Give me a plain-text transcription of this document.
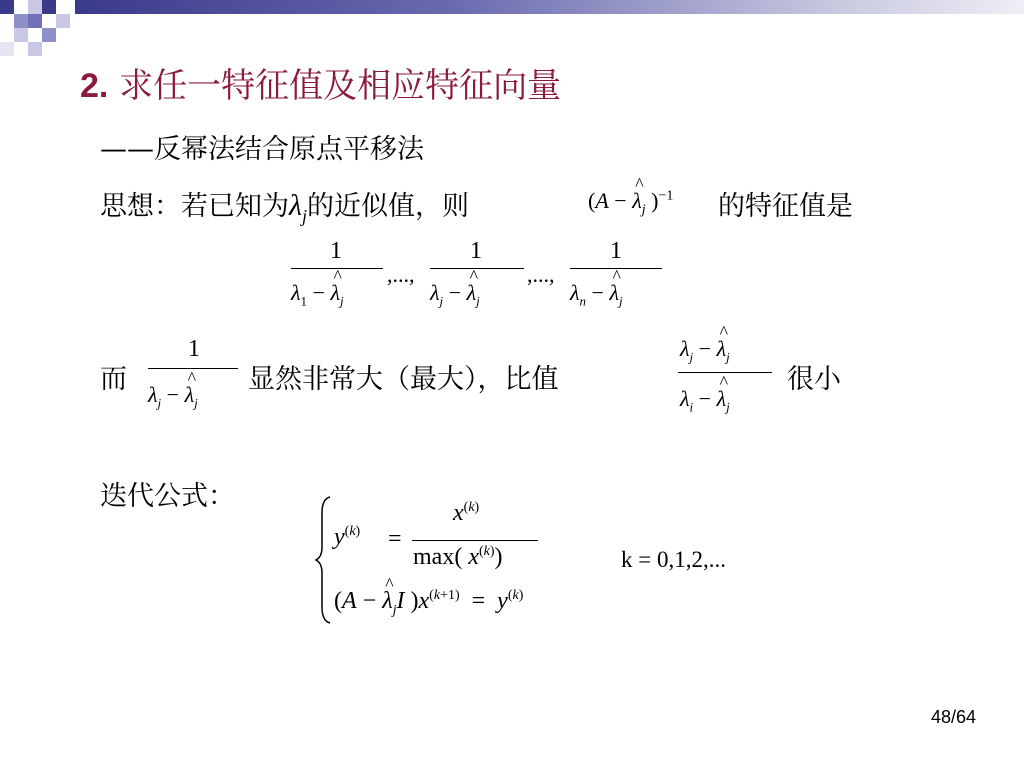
2. 求任一特征值及相应特征向量
——反幂法结合原点平移法
思想：若已知为$\lambda_j$的近似值，则	(A − ^ $\lambda_j$ )$^{-1}$ 的特征值是
1
$\lambda_1$ − ^ $\lambda_j$
,...,
1
$\lambda_j$ − ^ $\lambda_j$
,...,
1
$\lambda_n$ − ^ $\lambda_j$
而
1
$\lambda_j$ − ^ $\lambda_j$
显然非常大（最大），比值
$\lambda_j$ − ^ $\lambda_j$
$\lambda_i$ − ^ $\lambda_j$
很小
迭代公式：
$y^{(k)}$ =
$x^{(k)}$
max( $x^{(k)}$)
(A − ^ $\lambda_jI$ )$x^{(k+1)} = y^{(k)}$
k = 0,1,2,...
48/64
